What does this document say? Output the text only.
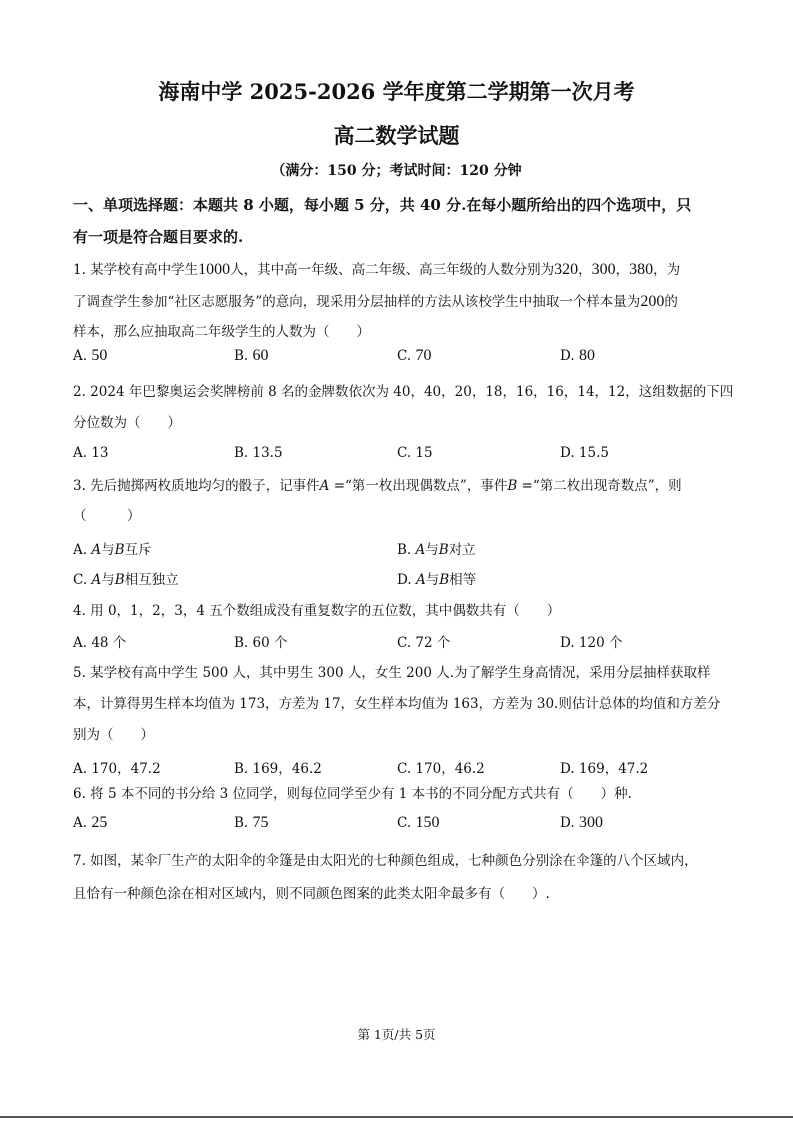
海南中学 2025-2026 学年度第二学期第一次月考
高二数学试题
（满分：150 分；考试时间：120 分钟
一、单项选择题：本题共 8 小题，每小题 5 分，共 40 分.在每小题所给出的四个选项中，只
有一项是符合题目要求的.
1. 某学校有高中学生1000人，其中高一年级、高二年级、高三年级的人数分别为320，300，380，为
了调查学生参加“社区志愿服务”的意向，现采用分层抽样的方法从该校学生中抽取一个样本量为200的
样本，那么应抽取高二年级学生的人数为（　　）
A. 50	B. 60	C. 70	D. 80
2. 2024 年巴黎奥运会奖牌榜前 8 名的金牌数依次为 40，40，20，18，16，16，14，12，这组数据的下四
分位数为（　　）
A. 13	B. 13.5	C. 15	D. 15.5
3. 先后抛掷两枚质地均匀的骰子，记事件A =“第一枚出现偶数点”，事件B =“第二枚出现奇数点”，则
（　　　）
A. A与B互斥	B. A与B对立
C. A与B相互独立	D. A与B相等
4. 用 0，1，2，3，4 五个数组成没有重复数字的五位数，其中偶数共有（　　）
A. 48 个	B. 60 个	C. 72 个	D. 120 个
5. 某学校有高中学生 500 人，其中男生 300 人，女生 200 人.为了解学生身高情况，采用分层抽样获取样
本，计算得男生样本均值为 173，方差为 17，女生样本均值为 163，方差为 30.则估计总体的均值和方差分
别为（　　）
A. 170，47.2	B. 169，46.2	C. 170，46.2	D. 169，47.2
6. 将 5 本不同的书分给 3 位同学，则每位同学至少有 1 本书的不同分配方式共有（　　）种.
A. 25	B. 75	C. 150	D. 300
7. 如图，某伞厂生产的太阳伞的伞篷是由太阳光的七种颜色组成，七种颜色分别涂在伞篷的八个区域内，
且恰有一种颜色涂在相对区域内，则不同颜色图案的此类太阳伞最多有（　　）.
第 1页/共 5页
